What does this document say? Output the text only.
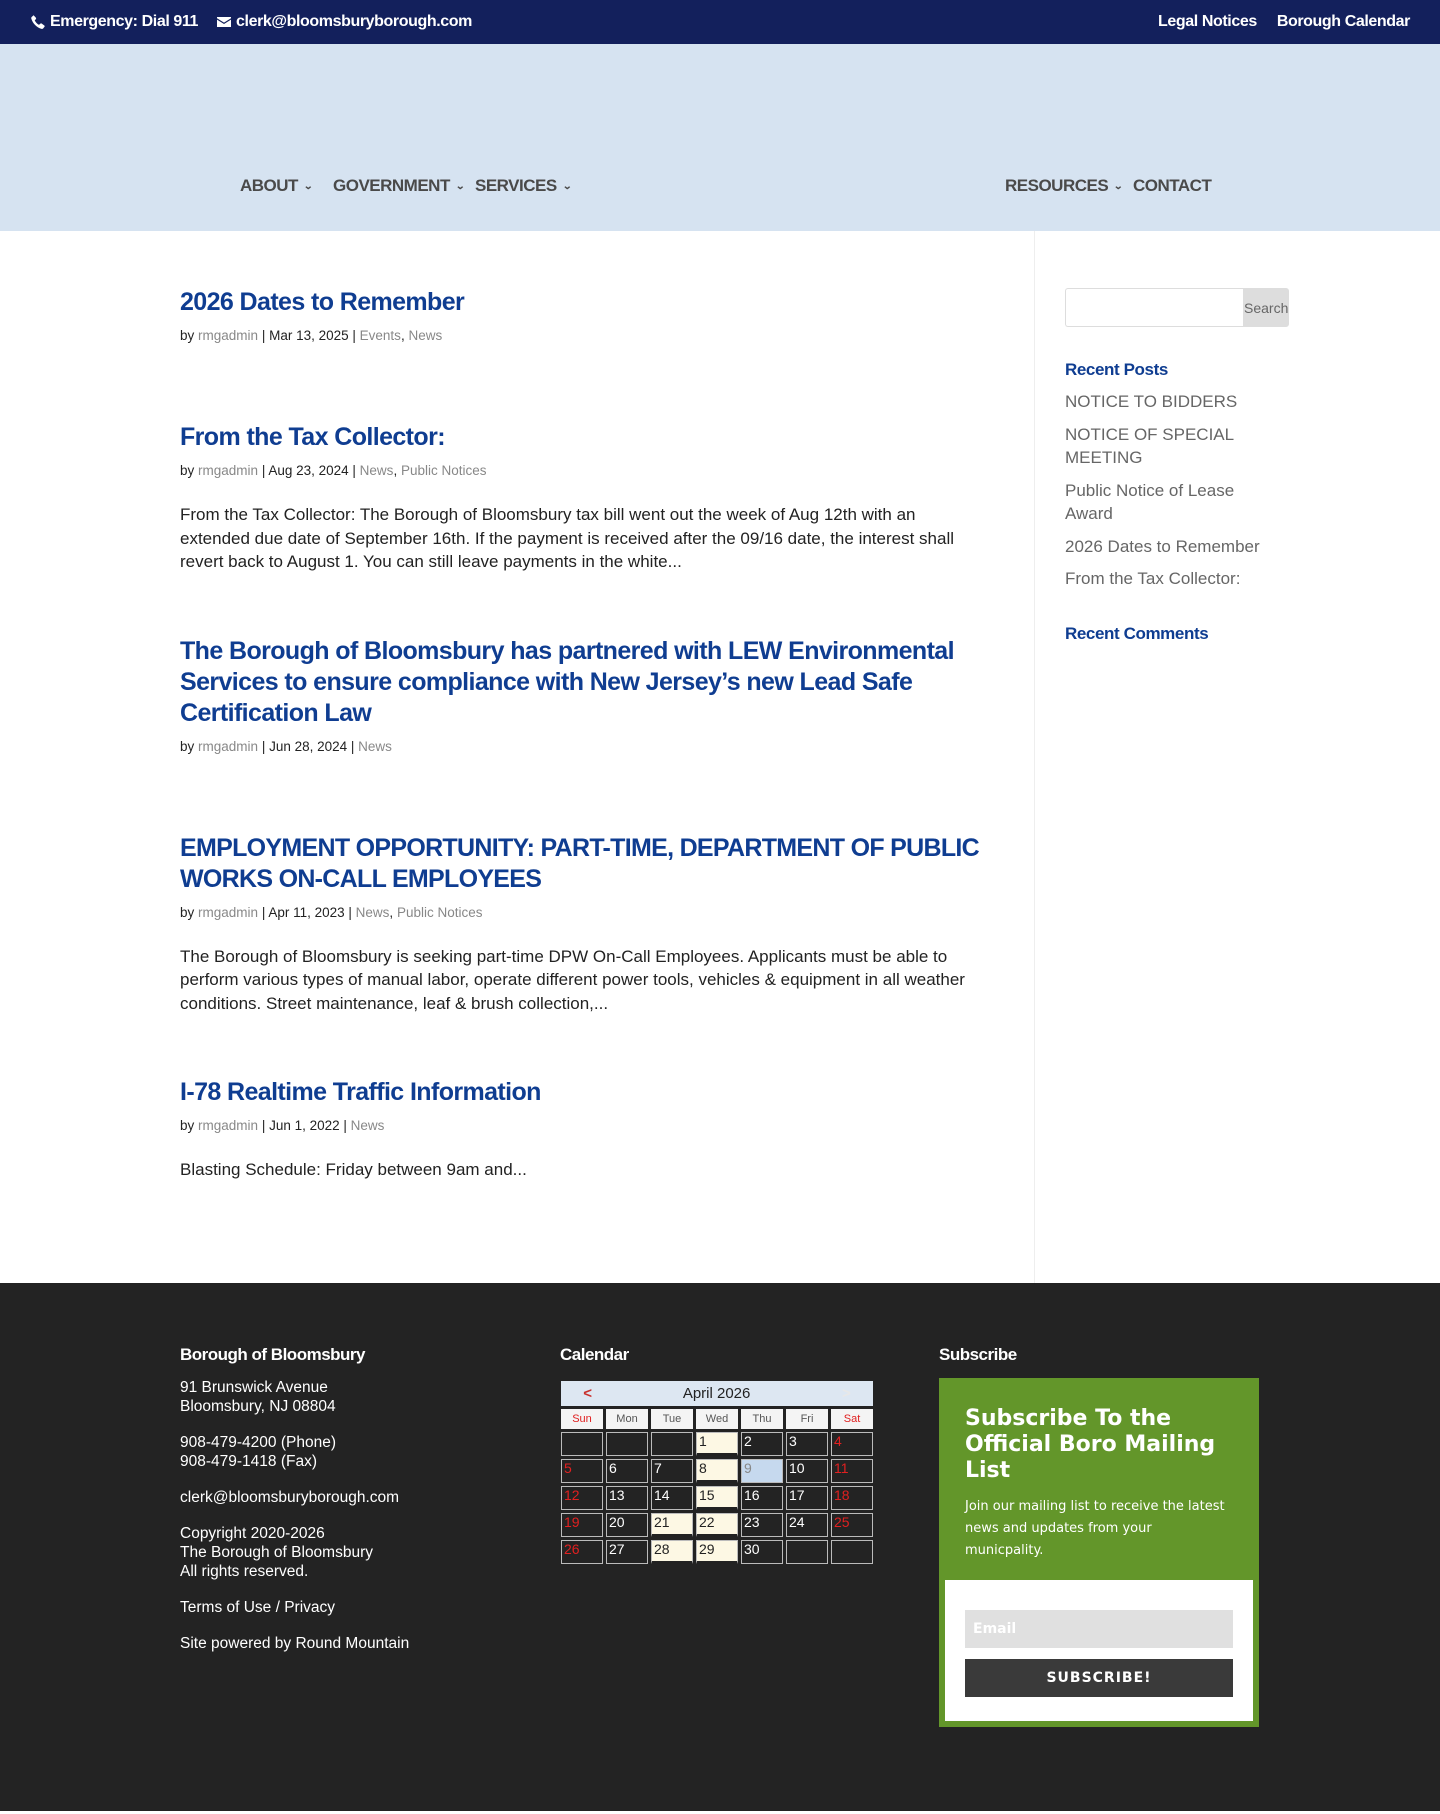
Emergency: Dial 911 clerk@bloomsburyborough.com	Legal Notices Borough Calendar
ABOUT ⌄ GOVERNMENT ⌄ SERVICES ⌄	RESOURCES ⌄ CONTACT
2026 Dates to Remember
by rmgadmin | Mar 13, 2025 | Events, News
From the Tax Collector:
by rmgadmin | Aug 23, 2024 | News, Public Notices

From the Tax Collector: The Borough of Bloomsbury tax bill went out the week of Aug 12th with an extended due date of September 16th. If the payment is received after the 09/16 date, the interest shall revert back to August 1. You can still leave payments in the white...

The Borough of Bloomsbury has partnered with LEW Environmental Services to ensure compliance with New Jersey’s new Lead Safe Certification Law
by rmgadmin | Jun 28, 2024 | News
EMPLOYMENT OPPORTUNITY: PART-TIME, DEPARTMENT OF PUBLIC WORKS ON-CALL EMPLOYEES
by rmgadmin | Apr 11, 2023 | News, Public Notices

The Borough of Bloomsbury is seeking part-time DPW On-Call Employees. Applicants must be able to perform various types of manual labor, operate different power tools, vehicles & equipment in all weather conditions. Street maintenance, leaf & brush collection,...

I-78 Realtime Traffic Information
by rmgadmin | Jun 1, 2022 | News

Blasting Schedule: Friday between 9am and...

Search
Recent Posts
NOTICE TO BIDDERS
NOTICE OF SPECIAL MEETING
Public Notice of Lease Award
2026 Dates to Remember
From the Tax Collector:
Recent Comments
Borough of Bloomsbury

91 Brunswick Avenue
Bloomsbury, NJ 08804

908-479-4200 (Phone)
908-479-1418 (Fax)

clerk@bloomsburyborough.com

Copyright 2020-2026
The Borough of Bloomsbury
All rights reserved.

Terms of Use / Privacy

Site powered by Round Mountain

Calendar
< April 2026 >						
Sun	Mon	Tue	Wed	Thu	Fri	Sat
			1	2	3	4
5	6	7	8	9	10	11
12	13	14	15	16	17	18
19	20	21	22	23	24	25
26	27	28	29	30		
Subscribe
Subscribe To the Official Boro Mailing List

Join our mailing list to receive the latest news and updates from your municpality.

Email SUBSCRIBE!
